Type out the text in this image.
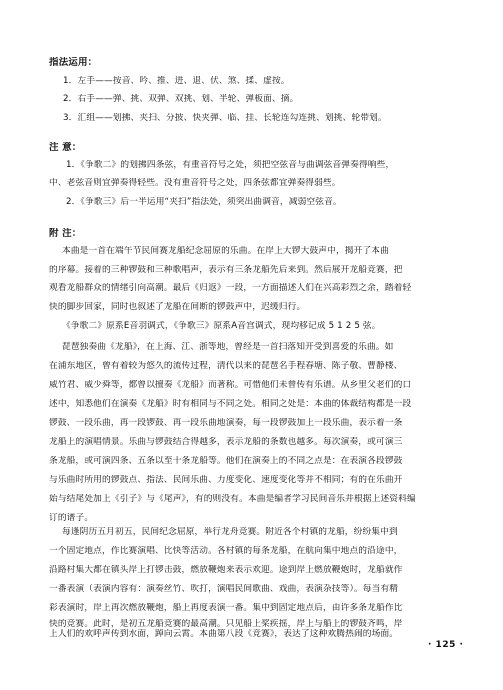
指法运用：
1．左手——按音、吟、推、进、退、伏、煞、揉、虚按。
2．右手——弹、挑、双弹、双挑、划、半轮、弹板面、摘。
3．汇组——划拂、夹扫、分披、快夹弹、临、挂、长轮连勾连挑、划挑、轮带划。
注 意：
1．《争歌二》的划拂四条弦，有重音符号之处，须把空弦音与曲调弦音弹奏得响些，
中、老弦音则宜弹奏得轻些。没有重音符号之处，四条弦都宜弹奏得弱些。
2．《争歌三》后一半运用“夹扫”指法处，须突出曲调音，减弱空弦音。
附 注：
本曲是一首在端午节民间赛龙船纪念屈原的乐曲。在岸上大锣大鼓声中，揭开了本曲
的序幕。接着的三种锣鼓和三种歌唱声，表示有三条龙船先后来到。然后展开龙船竞赛，把
观看龙船群众的情绪引向高潮。最后《归返》一段，一方面描述人们在兴高彩烈之余，踏着轻
快的脚步回家，同时也叙述了龙船在间断的锣鼓声中，迟缓归行。
《争歌二》原系E音羽调式，《争歌三》原系A音宫调式，现均移记成 5 1 2 5 弦。
琵琶独奏曲《龙船》，在上海、江、浙等地，曾经是一首扫落知开受到喜爱的乐曲。如
在浦东地区，曾有着较为悠久的流传过程，清代以来的琵琶名手程春塘、陈子敬、曹静楼、
威竹君、威少舜等，都曾以擅奏《龙船》而著称。可惜他们未曾传有乐谱。从乡里父老们的口
述中，知悉他们在演奏《龙船》时有相同与不同之处。相同之处是：本曲的体裁结构都是一段
锣鼓、一段乐曲，再一段锣鼓、再一段乐曲地演奏，每一段锣鼓加上一段乐曲，表示着一条
龙船上的演唱情景。乐曲与锣鼓结合得越多，表示龙船的条数也越多。每次演奏，或可演三
条龙船，或可演四条、五条以至十条龙船等。他们在演奏上的不同之点是：在表演各段锣鼓
与乐曲时所用的锣鼓点、指法、民间乐曲、力度变化、速度变化等并不相同；有的在乐曲开
始与结尾处加上《引子》与《尾声》，有的则没有。本曲是编者学习民间音乐并根据上述资料编
订的谱子。
每逢阴历五月初五，民间纪念屈原，举行龙舟竞赛。附近各个村镇的龙船，纷纷集中到
一个固定地点，作比赛演唱、比快等活动。各村镇的每条龙船，在航向集中地点的沿途中，
沿路村集大都在镇头岸上打锣击鼓，燃放鞭炮来表示欢迎。途到岸上燃放鞭炮时，龙船就作
一番表演（表演内容有：演奏丝竹、吹打，演唱民间歌曲、戏曲，表演杂技等）。每当有精
彩表演时，岸上再次燃放鞭炮，船上再度表演一番。集中到固定地点后，由许多条龙船作比
快的竞赛。此时，是初五龙船竞赛的最高潮。只见船上桨疾摇，岸上与船上的锣鼓齐鸣，岸
上人们的欢呼声传到水面，踔向云霄。本曲第八段《竞赛》，表达了这种欢腾热闹的场面。
· 125 ·
